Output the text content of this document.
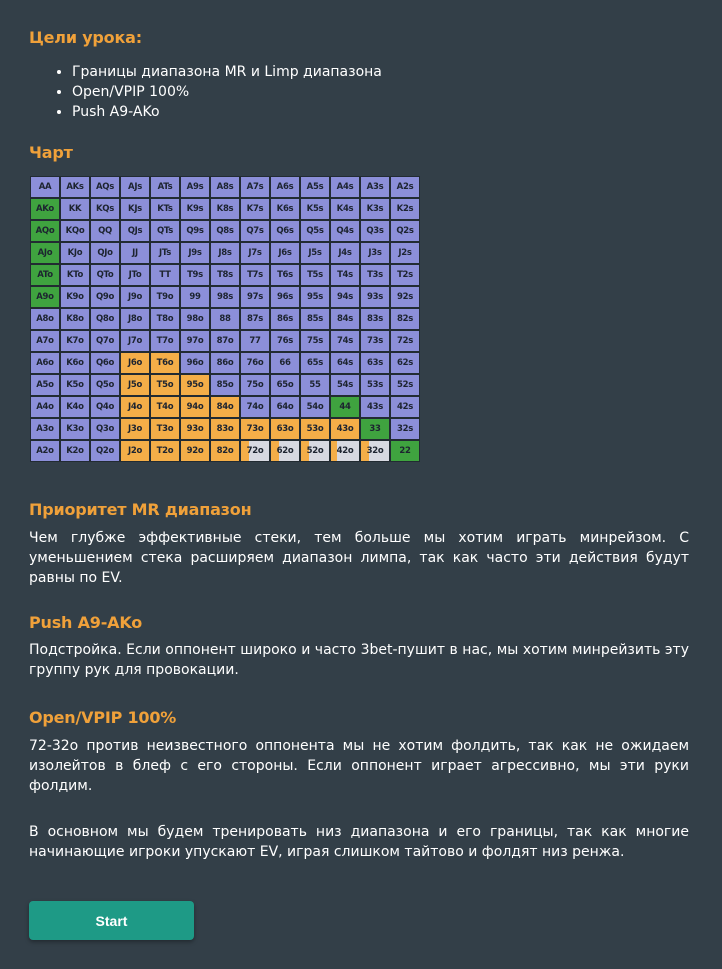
Цели урока:
• Границы диапазона MR и Limp диапазона
• Open/VPIP 100%
• Push A9-AKo
Чарт
AA	AKs	AQs	AJs	ATs	A9s	A8s	A7s	A6s	A5s	A4s	A3s	A2s
AKo	KK	KQs	KJs	KTs	K9s	K8s	K7s	K6s	K5s	K4s	K3s	K2s
AQo	KQo	QQ	QJs	QTs	Q9s	Q8s	Q7s	Q6s	Q5s	Q4s	Q3s	Q2s
AJo	KJo	QJo	JJ	JTs	J9s	J8s	J7s	J6s	J5s	J4s	J3s	J2s
ATo	KTo	QTo	JTo	TT	T9s	T8s	T7s	T6s	T5s	T4s	T3s	T2s
A9o	K9o	Q9o	J9o	T9o	99	98s	97s	96s	95s	94s	93s	92s
A8o	K8o	Q8o	J8o	T8o	98o	88	87s	86s	85s	84s	83s	82s
A7o	K7o	Q7o	J7o	T7o	97o	87o	77	76s	75s	74s	73s	72s
A6o	K6o	Q6o	J6o	T6o	96o	86o	76o	66	65s	64s	63s	62s
A5o	K5o	Q5o	J5o	T5o	95o	85o	75o	65o	55	54s	53s	52s
A4o	K4o	Q4o	J4o	T4o	94o	84o	74o	64o	54o	44	43s	42s
A3o	K3o	Q3o	J3o	T3o	93o	83o	73o	63o	53o	43o	33	32s
A2o	K2o	Q2o	J2o	T2o	92o	82o	72o	62o	52o	42o	32o	22
Приоритет MR диапазон

Чем глубже эффективные стеки, тем больше мы хотим играть минрейзом. С уменьшением стека расширяем диапазон лимпа, так как часто эти действия будут равны по EV.

Push A9-AKo

Подстройка. Если оппонент широко и часто 3bet-пушит в нас, мы хотим минрейзить эту группу рук для провокации.

Open/VPIP 100%

72-32o против неизвестного оппонента мы не хотим фолдить, так как не ожидаем изолейтов в блеф с его стороны. Если оппонент играет агрессивно, мы эти руки фолдим.

В основном мы будем тренировать низ диапазона и его границы, так как многие начинающие игроки упускают EV, играя слишком тайтово и фолдят низ ренжа.

Start
